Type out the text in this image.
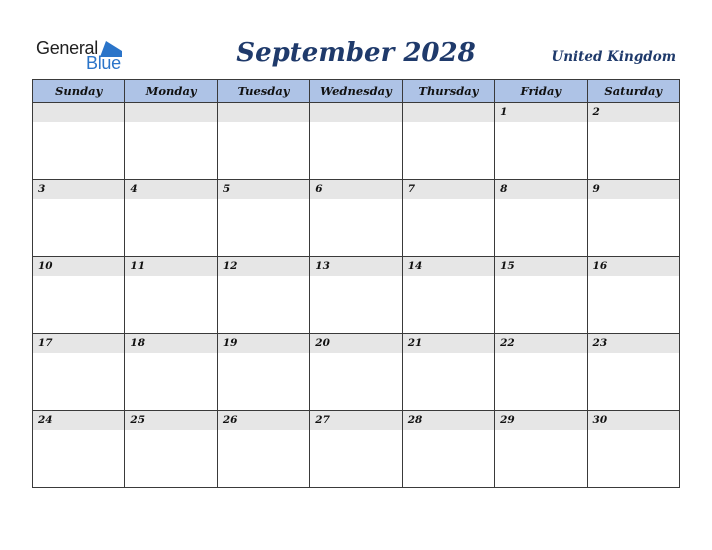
General
Blue	September 2028	United Kingdom
Sunday	Monday	Tuesday	Wednesday	Thursday	Friday	Saturday

					1	2

3	4	5	6	7	8	9

10	11	12	13	14	15	16

17	18	19	20	21	22	23

24	25	26	27	28	29	30
